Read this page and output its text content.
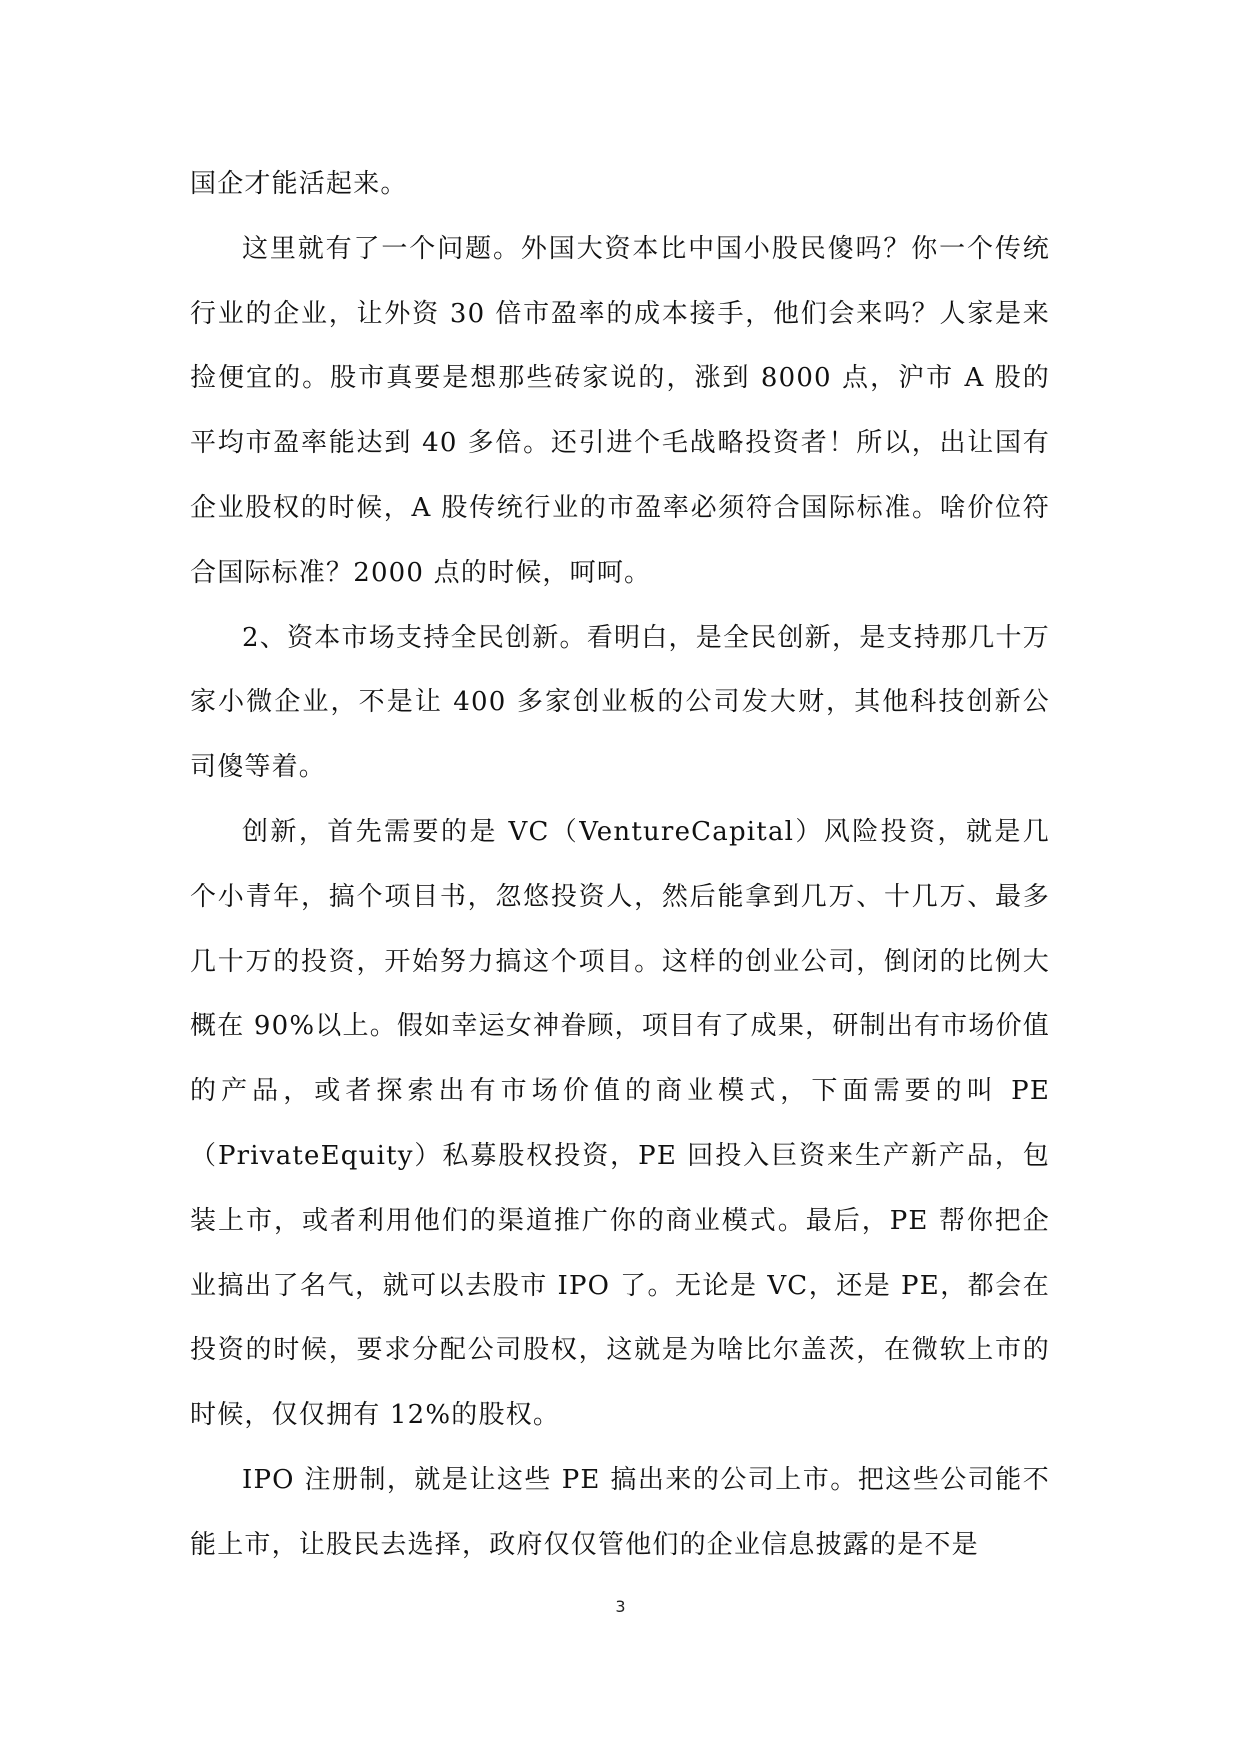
国企才能活起来。

这里就有了一个问题。外国大资本比中国小股民傻吗？你一个传统行业的企业，让外资 30 倍市盈率的成本接手，他们会来吗？人家是来捡便宜的。股市真要是想那些砖家说的，涨到 8000 点，沪市 A 股的平均市盈率能达到 40 多倍。还引进个毛战略投资者！所以，出让国有企业股权的时候，A 股传统行业的市盈率必须符合国际标准。啥价位符合国际标准？2000 点的时候，呵呵。

2、资本市场支持全民创新。看明白，是全民创新，是支持那几十万家小微企业，不是让 400 多家创业板的公司发大财，其他科技创新公司傻等着。

创新，首先需要的是 VC（VentureCapital）风险投资，就是几个小青年，搞个项目书，忽悠投资人，然后能拿到几万、十几万、最多几十万的投资，开始努力搞这个项目。这样的创业公司，倒闭的比例大概在 90%以上。假如幸运女神眷顾，项目有了成果，研制出有市场价值的产品，或者探索出有市场价值的商业模式，下面需要的叫 PE（PrivateEquity）私募股权投资，PE 回投入巨资来生产新产品，包装上市，或者利用他们的渠道推广你的商业模式。最后，PE 帮你把企业搞出了名气，就可以去股市 IPO 了。无论是 VC，还是 PE，都会在投资的时候，要求分配公司股权，这就是为啥比尔盖茨，在微软上市的时候，仅仅拥有 12%的股权。

IPO 注册制，就是让这些 PE 搞出来的公司上市。把这些公司能不能上市，让股民去选择，政府仅仅管他们的企业信息披露的是不是

3
